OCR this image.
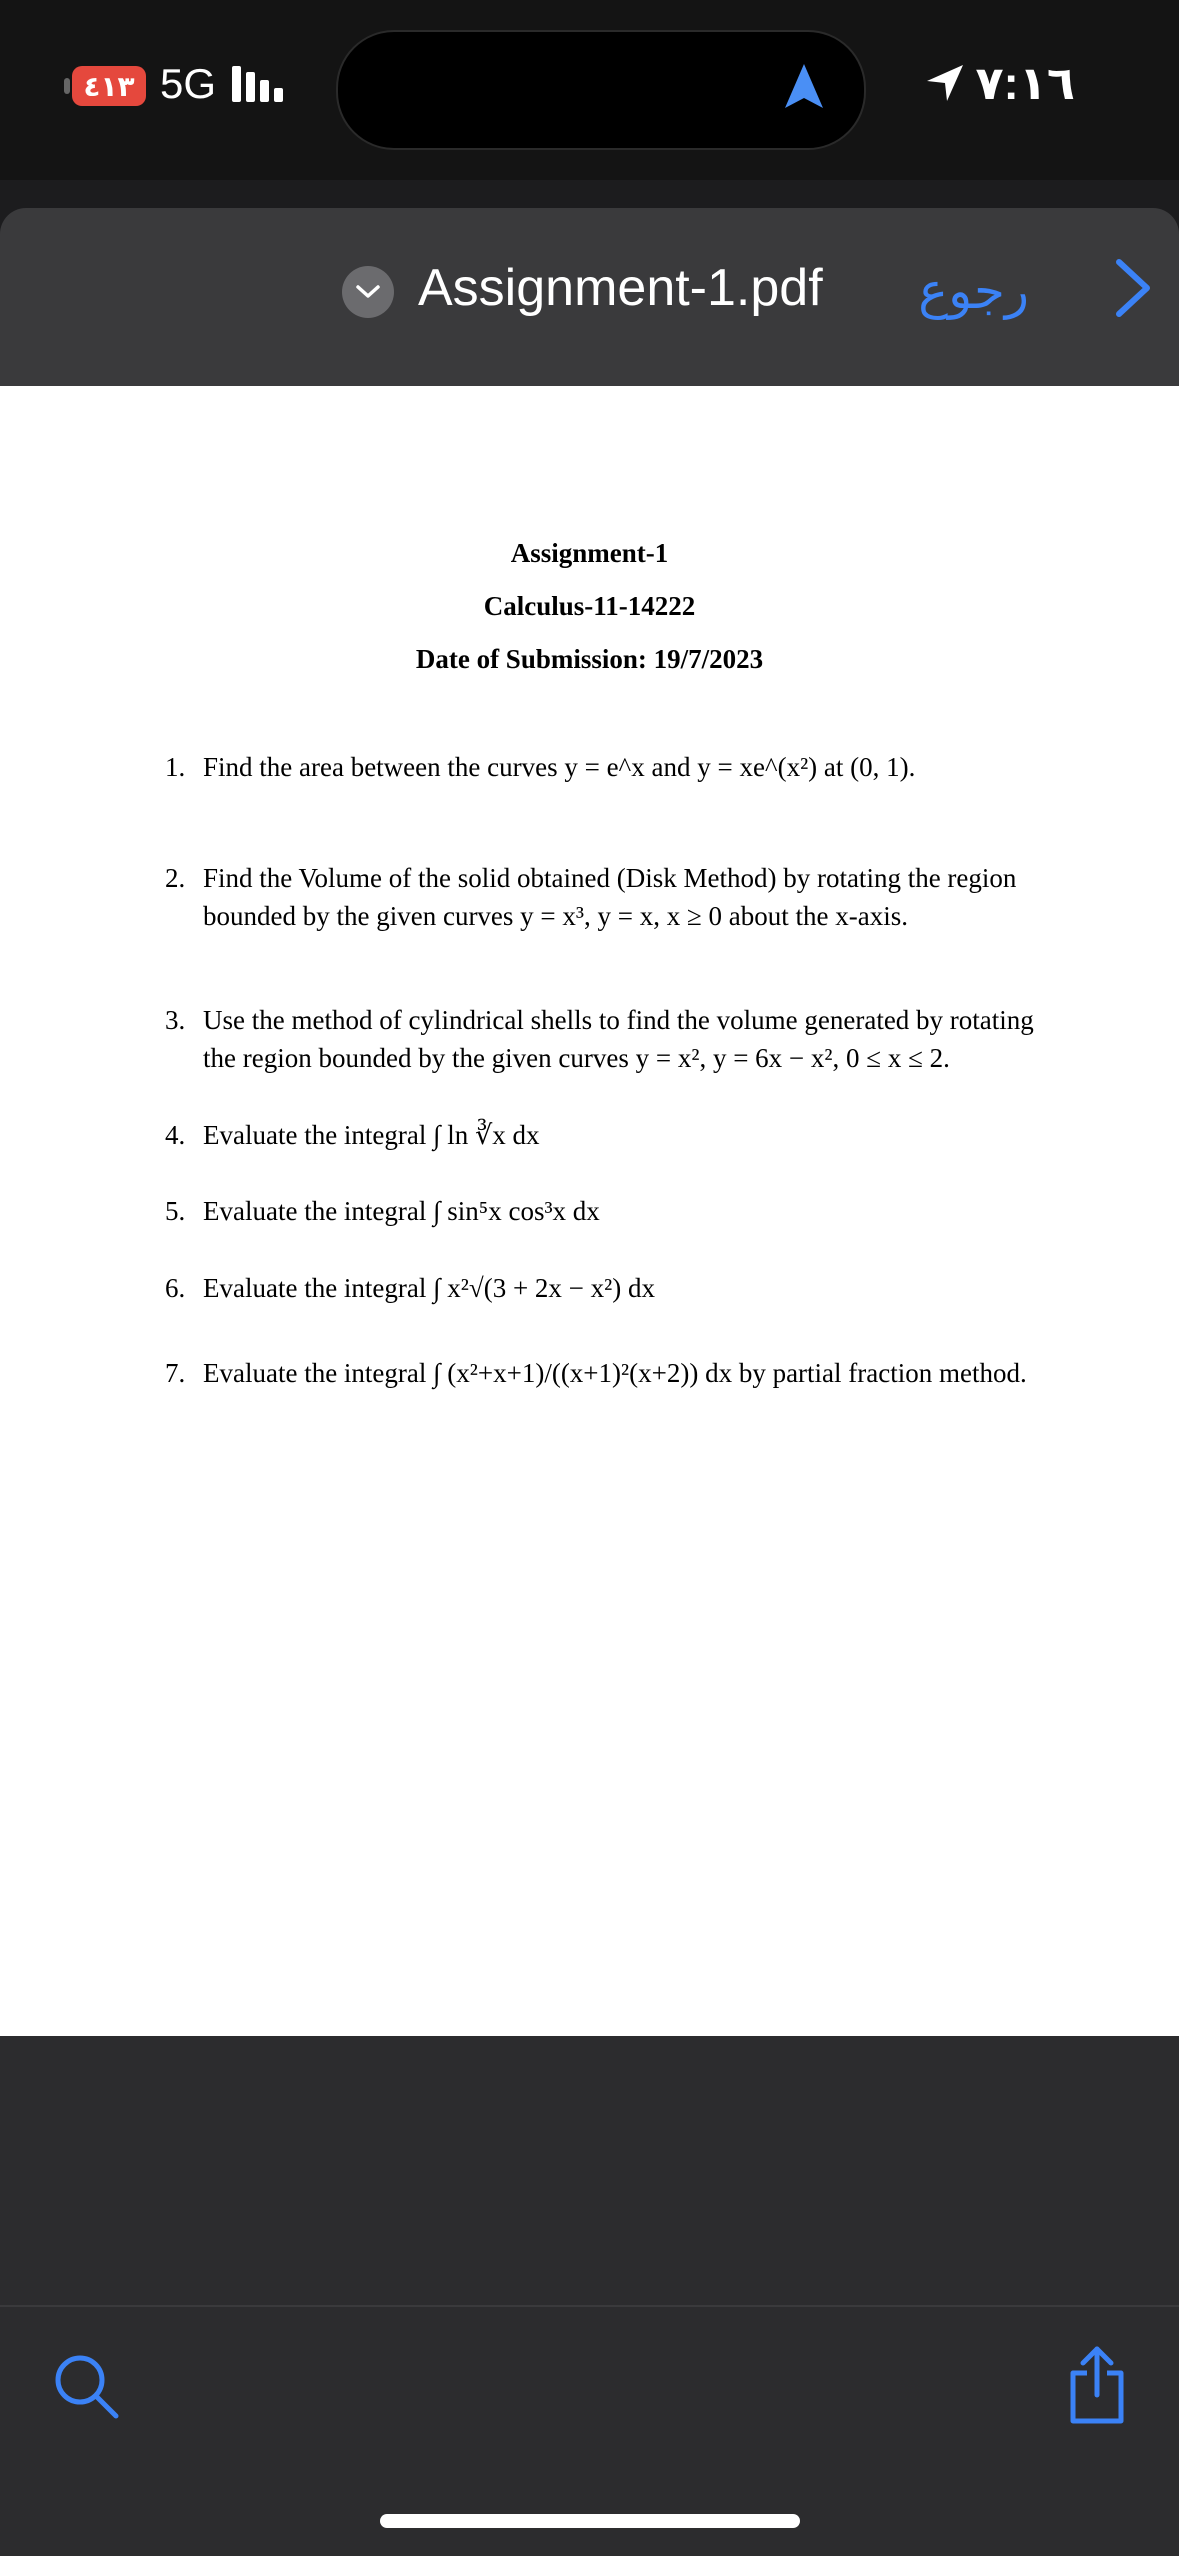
٤١٣ 5G	٧:١٦
Assignment-1.pdf رجوع
Assignment-1
Calculus-11-14222
Date of Submission: 19/7/2023
1. Find the area between the curves y = e^x and y = xe^(x²) at (0, 1).
2. Find the Volume of the solid obtained (Disk Method) by rotating the region
bounded by the given curves y = x³, y = x, x ≥ 0 about the x-axis.
3. Use the method of cylindrical shells to find the volume generated by rotating
the region bounded by the given curves y = x², y = 6x − x², 0 ≤ x ≤ 2.
4. Evaluate the integral ∫ ln ∛x dx
5. Evaluate the integral ∫ sin⁵x cos³x dx
6. Evaluate the integral ∫ x²√(3 + 2x − x²) dx
7. Evaluate the integral ∫ (x²+x+1)/((x+1)²(x+2)) dx by partial fraction method.
